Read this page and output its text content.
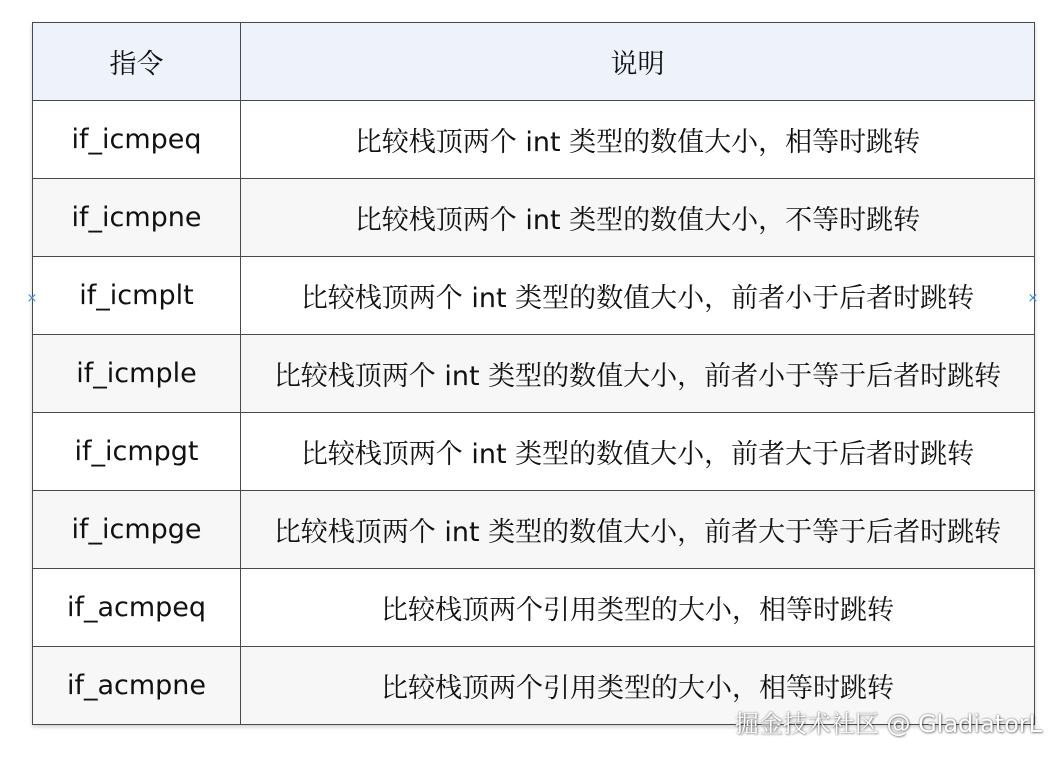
指令	说明
if_icmpeq	比较栈顶两个 int 类型的数值大小，相等时跳转
if_icmpne	比较栈顶两个 int 类型的数值大小，不等时跳转
if_icmplt	比较栈顶两个 int 类型的数值大小，前者小于后者时跳转
if_icmple	比较栈顶两个 int 类型的数值大小，前者小于等于后者时跳转
if_icmpgt	比较栈顶两个 int 类型的数值大小，前者大于后者时跳转
if_icmpge	比较栈顶两个 int 类型的数值大小，前者大于等于后者时跳转
if_acmpeq	比较栈顶两个引用类型的大小，相等时跳转
if_acmpne	比较栈顶两个引用类型的大小，相等时跳转
×	×
掘金技术社区 @ GladiatorL
